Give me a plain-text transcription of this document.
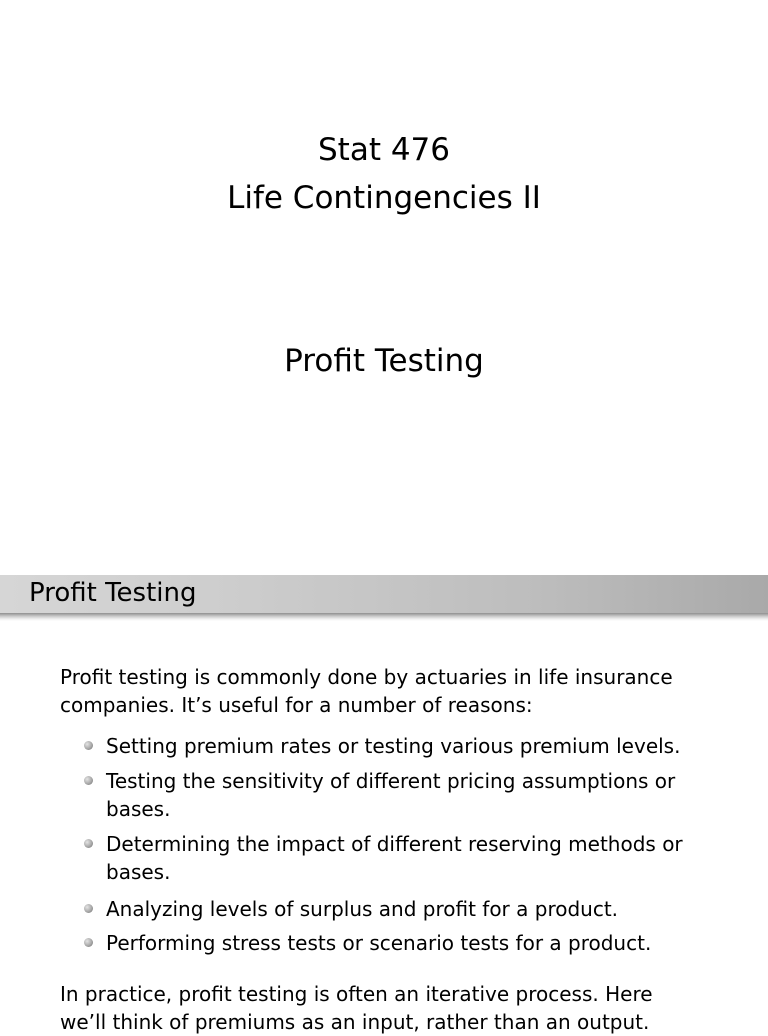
Stat 476
Life Contingencies II
Profit Testing
Profit Testing

Profit testing is commonly done by actuaries in life insurance companies. It’s useful for a number of reasons:

Setting premium rates or testing various premium levels.
Testing the sensitivity of different pricing assumptions or bases.
Determining the impact of different reserving methods or bases.
Analyzing levels of surplus and profit for a product.
Performing stress tests or scenario tests for a product.

In practice, profit testing is often an iterative process. Here we’ll think of premiums as an input, rather than an output.
